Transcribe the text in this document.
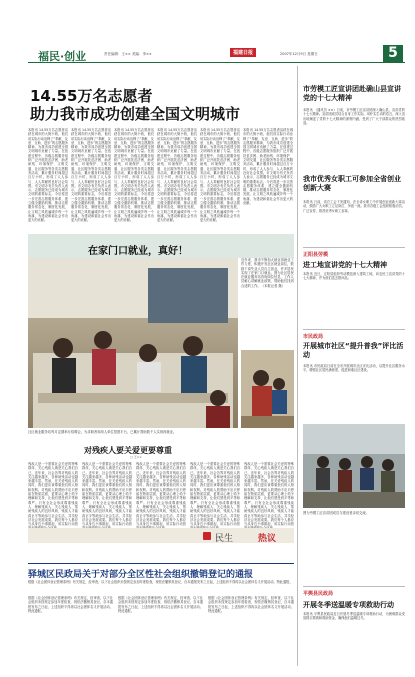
福民·创业	责任编辑：王×× 美编：李××	福建日报	2007年12月9日 星期日	5
14.55万名志愿者
助力我市成功创建全国文明城市
本报讯 14.55万名志愿者活跃在城市的大街小巷，他们用实际行动诠释了“奉献、友爱、互助、进步”的志愿服务精神，为我市成功创建全国文明城市贡献了力量。在创建过程中，各级志愿服务组织广泛开展扶贫济困、助老助残、环境保护、文明交通、社区服务等各类志愿服务活动，累计服务时间超过百万小时，形成了人人参与、人人奉献的良好社会氛围。市文明办有关负责人表示，志愿服务已经成为城市文明的重要标志，今后将进一步完善志愿服务体系，建立健全激励机制，推动志愿服务常态化、制度化发展，让文明之风吹遍城乡每一个角落，为建设和谐社会作出更大的贡献。
本报讯 14.55万名志愿者活跃在城市的大街小巷，他们用实际行动诠释了“奉献、友爱、互助、进步”的志愿服务精神，为我市成功创建全国文明城市贡献了力量。在创建过程中，各级志愿服务组织广泛开展扶贫济困、助老助残、环境保护、文明交通、社区服务等各类志愿服务活动，累计服务时间超过百万小时，形成了人人参与、人人奉献的良好社会氛围。市文明办有关负责人表示，志愿服务已经成为城市文明的重要标志，今后将进一步完善志愿服务体系，建立健全激励机制，推动志愿服务常态化、制度化发展，让文明之风吹遍城乡每一个角落，为建设和谐社会作出更大的贡献。
本报讯 14.55万名志愿者活跃在城市的大街小巷，他们用实际行动诠释了“奉献、友爱、互助、进步”的志愿服务精神，为我市成功创建全国文明城市贡献了力量。在创建过程中，各级志愿服务组织广泛开展扶贫济困、助老助残、环境保护、文明交通、社区服务等各类志愿服务活动，累计服务时间超过百万小时，形成了人人参与、人人奉献的良好社会氛围。市文明办有关负责人表示，志愿服务已经成为城市文明的重要标志，今后将进一步完善志愿服务体系，建立健全激励机制，推动志愿服务常态化、制度化发展，让文明之风吹遍城乡每一个角落，为建设和谐社会作出更大的贡献。
本报讯 14.55万名志愿者活跃在城市的大街小巷，他们用实际行动诠释了“奉献、友爱、互助、进步”的志愿服务精神，为我市成功创建全国文明城市贡献了力量。在创建过程中，各级志愿服务组织广泛开展扶贫济困、助老助残、环境保护、文明交通、社区服务等各类志愿服务活动，累计服务时间超过百万小时，形成了人人参与、人人奉献的良好社会氛围。市文明办有关负责人表示，志愿服务已经成为城市文明的重要标志，今后将进一步完善志愿服务体系，建立健全激励机制，推动志愿服务常态化、制度化发展，让文明之风吹遍城乡每一个角落，为建设和谐社会作出更大的贡献。
本报讯 14.55万名志愿者活跃在城市的大街小巷，他们用实际行动诠释了“奉献、友爱、互助、进步”的志愿服务精神，为我市成功创建全国文明城市贡献了力量。在创建过程中，各级志愿服务组织广泛开展扶贫济困、助老助残、环境保护、文明交通、社区服务等各类志愿服务活动，累计服务时间超过百万小时，形成了人人参与、人人奉献的良好社会氛围。市文明办有关负责人表示，志愿服务已经成为城市文明的重要标志，今后将进一步完善志愿服务体系，建立健全激励机制，推动志愿服务常态化、制度化发展，让文明之风吹遍城乡每一个角落，为建设和谐社会作出更大的贡献。
本报讯 14.55万名志愿者活跃在城市的大街小巷，他们用实际行动诠释了“奉献、友爱、互助、进步”的志愿服务精神，为我市成功创建全国文明城市贡献了力量。在创建过程中，各级志愿服务组织广泛开展扶贫济困、助老助残、环境保护、文明交通、社区服务等各类志愿服务活动，累计服务时间超过百万小时，形成了人人参与、人人奉献的良好社会氛围。市文明办有关负责人表示，志愿服务已经成为城市文明的重要标志，今后将进一步完善志愿服务体系，建立健全激励机制，推动志愿服务常态化、制度化发展，让文明之风吹遍城乡每一个角落，为建设和谐社会作出更大的贡献。
在家门口就业，真好！
近年来，我市不断加大就业再就业工作力度，积极开发社区就业岗位，鼓励下岗失业人员自主创业，许多居民实现了在家门口就业。图为社区居民在就业服务站咨询岗位信息，工作人员耐心讲解就业政策，帮助他们找到合适的工作。（本报记者 摄）
社区就业服务站每月定期举办招聘会，为求职者和用人单位搭建平台，已累计帮助数千人实现再就业。
对残疾人要关爱更要尊重
□ 王××
残疾人是一个需要社会关爱的特殊群体，关心残疾人就是关心我们自己。近年来，社会各界对残疾人的关注越来越多，各种助残活动也越来越丰富。然而，在关爱残疾人的同时，我们更应该尊重他们的人格和权利。对残疾人的帮助不应只停留在物质层面，更要从心理上给予理解和支持，让他们感受到平等和尊严。只有全社会形成尊重残疾人、理解残疾人、关心残疾人、帮助残疾人的良好风尚，残疾人才能真正平等地参与社会生活，共享经济社会发展成果。我们每个人都应当从身边小事做起，用实际行动营
残疾人是一个需要社会关爱的特殊群体，关心残疾人就是关心我们自己。近年来，社会各界对残疾人的关注越来越多，各种助残活动也越来越丰富。然而，在关爱残疾人的同时，我们更应该尊重他们的人格和权利。对残疾人的帮助不应只停留在物质层面，更要从心理上给予理解和支持，让他们感受到平等和尊严。只有全社会形成尊重残疾人、理解残疾人、关心残疾人、帮助残疾人的良好风尚，残疾人才能真正平等地参与社会生活，共享经济社会发展成果。我们每个人都应当从身边小事做起，用实际行动营
残疾人是一个需要社会关爱的特殊群体，关心残疾人就是关心我们自己。近年来，社会各界对残疾人的关注越来越多，各种助残活动也越来越丰富。然而，在关爱残疾人的同时，我们更应该尊重他们的人格和权利。对残疾人的帮助不应只停留在物质层面，更要从心理上给予理解和支持，让他们感受到平等和尊严。只有全社会形成尊重残疾人、理解残疾人、关心残疾人、帮助残疾人的良好风尚，残疾人才能真正平等地参与社会生活，共享经济社会发展成果。我们每个人都应当从身边小事做起，用实际行动营
残疾人是一个需要社会关爱的特殊群体，关心残疾人就是关心我们自己。近年来，社会各界对残疾人的关注越来越多，各种助残活动也越来越丰富。然而，在关爱残疾人的同时，我们更应该尊重他们的人格和权利。对残疾人的帮助不应只停留在物质层面，更要从心理上给予理解和支持，让他们感受到平等和尊严。只有全社会形成尊重残疾人、理解残疾人、关心残疾人、帮助残疾人的良好风尚，残疾人才能真正平等地参与社会生活，共享经济社会发展成果。我们每个人都应当从身边小事做起，用实际行动营
残疾人是一个需要社会关爱的特殊群体，关心残疾人就是关心我们自己。近年来，社会各界对残疾人的关注越来越多，各种助残活动也越来越丰富。然而，在关爱残疾人的同时，我们更应该尊重他们的人格和权利。对残疾人的帮助不应只停留在物质层面，更要从心理上给予理解和支持，让他们感受到平等和尊严。只有全社会形成尊重残疾人、理解残疾人、关心残疾人、帮助残疾人的良好风尚，残疾人才能真正平等地参与社会生活，共享经济社会发展成果。我们每个人都应当从身边小事做起，用实际行动营
民生	热议
驿城区民政局关于对部分全区性社会组织撤销登记的通报
根据《社会团体登记管理条例》有关规定，经审查，以下社会组织未按规定参加年度检查，现依法撤销其登记，自本通报发布之日起，上述组织不得再以社会团体名义开展活动。特此通报。
根据《社会团体登记管理条例》有关规定，经审查，以下社会组织未按规定参加年度检查，现依法撤销其登记，自本通报发布之日起，上述组织不得再以社会团体名义开展活动。特此通报。
根据《社会团体登记管理条例》有关规定，经审查，以下社会组织未按规定参加年度检查，现依法撤销其登记，自本通报发布之日起，上述组织不得再以社会团体名义开展活动。特此通报。
根据《社会团体登记管理条例》有关规定，经审查，以下社会组织未按规定参加年度检查，现依法撤销其登记，自本通报发布之日起，上述组织不得再以社会团体名义开展活动。特此通报。
市劳模工匠宣讲团赴确山县宣讲党的十七大精神
本报讯 （通讯员 ××）日前，市劳模工匠宣讲团深入确山县，宣讲党的十七大精神。宣讲团成员结合自身工作实际，用朴实生动的语言，深入浅出地阐述了党的十七大精神的深刻内涵，受到了广大干部群众的热烈欢迎。
我市优秀女职工可参加全省创业创新大赛
本报讯 日前，省总工会下发通知，在全省女职工中开展创业创新大赛活动，鼓励广大女职工立足岗位、争创一流。我市各级工会组织积极动员，广泛宣传，推荐优秀女职工参赛。
正阳县劳模
进工地宣讲党的十七大精神
本报讯 近日，正阳县组织劳动模范深入建筑工地，向农民工宣讲党的十七大精神，并为他们送去慰问品。
市民政局
开展城市社区“提升普我”评比活动
本报讯 市民政局日前在全市开展城市社区评比活动，以提升社区服务水平，增强社区居民满意度，促进和谐社区建设。
图为劳模工匠宣讲团成员与建设者亲切交流。
平舆县民政局
开展冬季送温暖专项救助行动
本报讯 平舆县民政局近日开展冬季送温暖专项救助行动，为困难群众发放棉衣棉被和救助资金，确保他们温暖过冬。
